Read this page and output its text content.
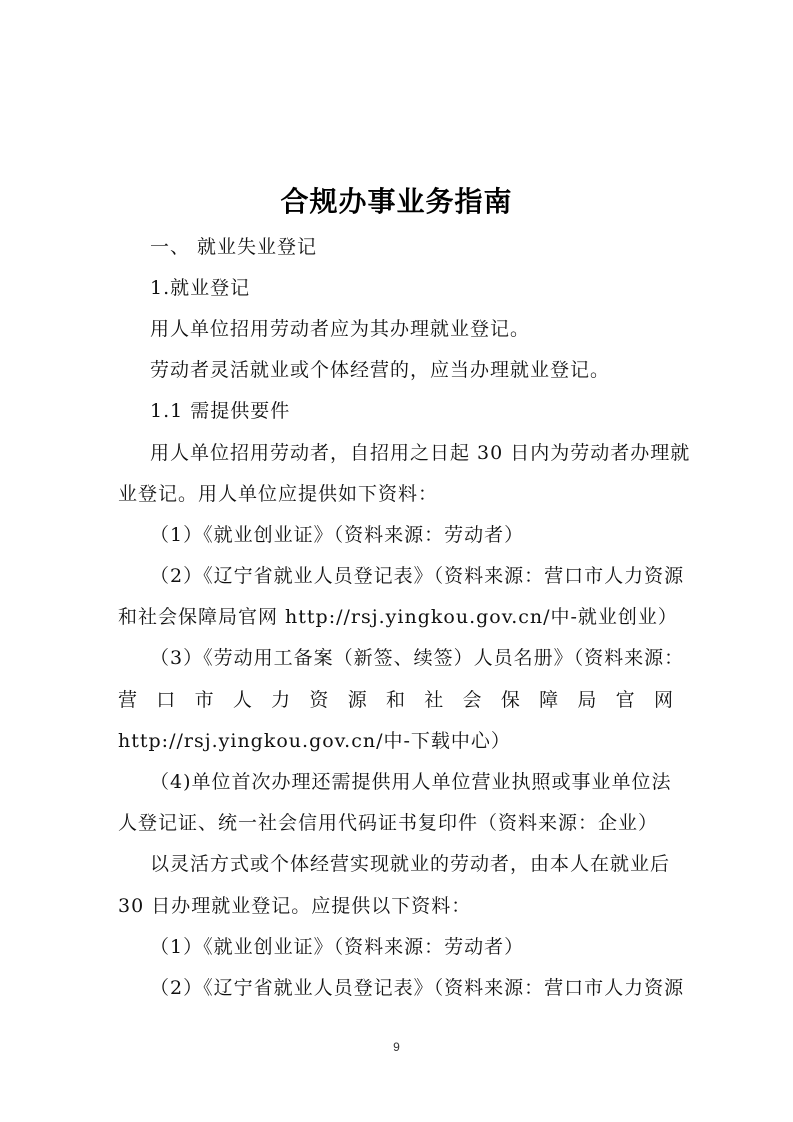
合规办事业务指南
一、 就业失业登记
1.就业登记
用人单位招用劳动者应为其办理就业登记。
劳动者灵活就业或个体经营的，应当办理就业登记。
1.1 需提供要件
用人单位招用劳动者，自招用之日起 30 日内为劳动者办理就
业登记。用人单位应提供如下资料：
（1）《就业创业证》（资料来源：劳动者）
（2）《辽宁省就业人员登记表》（资料来源：营口市人力资源
和社会保障局官网 http://rsj.yingkou.gov.cn/中-就业创业）
（3）《劳动用工备案（新签、续签）人员名册》（资料来源：
营 口 市 人 力 资 源 和 社 会 保 障 局 官 网
http://rsj.yingkou.gov.cn/中-下载中心）
（4)单位首次办理还需提供用人单位营业执照或事业单位法
人登记证、统一社会信用代码证书复印件（资料来源：企业）
以灵活方式或个体经营实现就业的劳动者，由本人在就业后
30 日办理就业登记。应提供以下资料：
（1）《就业创业证》（资料来源：劳动者）
（2）《辽宁省就业人员登记表》（资料来源：营口市人力资源
9
